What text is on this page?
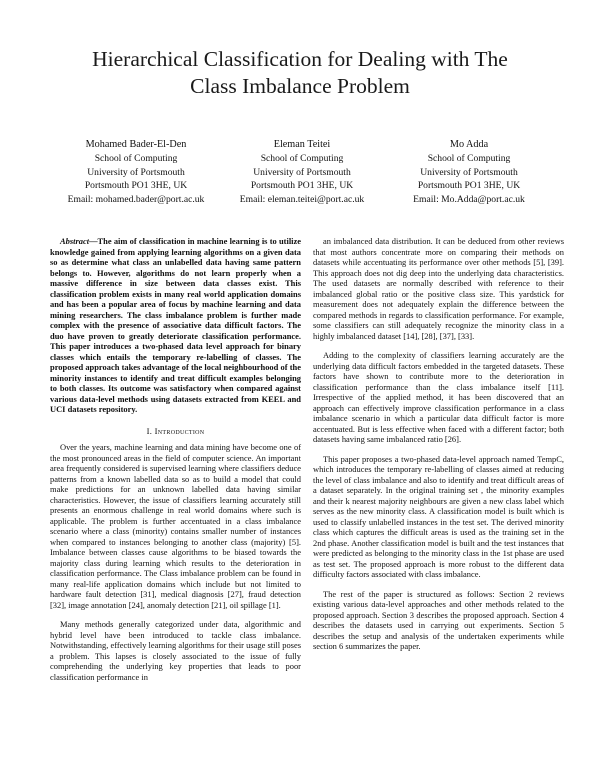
Hierarchical Classification for Dealing with The
Class Imbalance Problem
Mohamed Bader-El-Den
School of Computing
University of Portsmouth
Portsmouth PO1 3HE, UK
Email: mohamed.bader@port.ac.uk
Eleman Teitei
School of Computing
University of Portsmouth
Portsmouth PO1 3HE, UK
Email: eleman.teitei@port.ac.uk
Mo Adda
School of Computing
University of Portsmouth
Portsmouth PO1 3HE, UK
Email: Mo.Adda@port.ac.uk

Abstract—The aim of classification in machine learning is to utilize knowledge gained from applying learning algorithms on a given data so as determine what class an unlabelled data having same pattern belongs to. However, algorithms do not learn properly when a massive difference in size between data classes exist. This classification problem exists in many real world application domains and has been a popular area of focus by machine learning and data mining researchers. The class imbalance problem is further made complex with the presence of associative data difficult factors. The duo have proven to greatly deteriorate classification performance. This paper introduces a two-phased data level approach for binary classes which entails the temporary re-labelling of classes. The proposed approach takes advantage of the local neighbourhood of the minority instances to identify and treat difficult examples belonging to both classes. Its outcome was satisfactory when compared against various data-level methods using datasets extracted from KEEL and UCI datasets repository.

I. Introduction

Over the years, machine learning and data mining have become one of the most pronounced areas in the field of computer science. An important area frequently considered is supervised learning where classifiers deduce patterns from a known labelled data so as to build a model that could make predictions for an unknown labelled data having similar characteristics. However, the issue of classifiers learning accurately still presents an enormous challenge in real world domains where such is applicable. The problem is further accentuated in a class imbalance scenario where a class (minority) contains smaller number of instances when compared to instances belonging to another class (majority) [5]. Imbalance between classes cause algorithms to be biased towards the majority class during learning which results to the deterioration in classification performance. The Class imbalance problem can be found in many real-life application domains which include but not limited to hardware fault detection [31], medical diagnosis [27], fraud detection [32], image annotation [24], anomaly detection [21], oil spillage [1].

Many methods generally categorized under data, algorithmic and hybrid level have been introduced to tackle class imbalance. Notwithstanding, effectively learning algorithms for their usage still poses a problem. This lapses is closely associated to the issue of fully comprehending the underlying key properties that leads to poor classification performance in

an imbalanced data distribution. It can be deduced from other reviews that most authors concentrate more on comparing their methods on datasets while accentuating its performance over other methods [5], [39]. This approach does not dig deep into the underlying data characteristics. The used datasets are normally described with reference to their imbalanced global ratio or the positive class size. This yardstick for measurement does not adequately explain the difference between the compared methods in regards to classification performance. For example, some classifiers can still adequately recognize the minority class in a highly imbalanced dataset [14], [28], [37], [33].

Adding to the complexity of classifiers learning accurately are the underlying data difficult factors embedded in the targeted datasets. These factors have shown to contribute more to the deterioration in classification performance than the class imbalance itself [11]. Irrespective of the applied method, it has been discovered that an approach can effectively improve classification performance in a class imbalance scenario in which a particular data difficult factor is more accentuated. But is less effective when faced with a different factor; both datasets having same imbalanced ratio [26].

This paper proposes a two-phased data-level approach named TempC, which introduces the temporary re-labelling of classes aimed at reducing the level of class imbalance and also to identify and treat difficult areas of a dataset separately. In the original training set , the minority examples and their k nearest majority neighbours are given a new class label which serves as the new minority class. A classification model is built which is used to classify unlabelled instances in the test set. The derived minority class which captures the difficult areas is used as the training set in the 2nd phase. Another classification model is built and the test instances that were predicted as belonging to the minority class in the 1st phase are used as test set. The proposed approach is more robust to the different data difficulty factors associated with class imbalance.

The rest of the paper is structured as follows: Section 2 reviews existing various data-level approaches and other methods related to the proposed approach. Section 3 describes the proposed approach. Section 4 describes the datasets used in carrying out experiments. Section 5 describes the setup and analysis of the undertaken experiments while section 6 summarizes the paper.
